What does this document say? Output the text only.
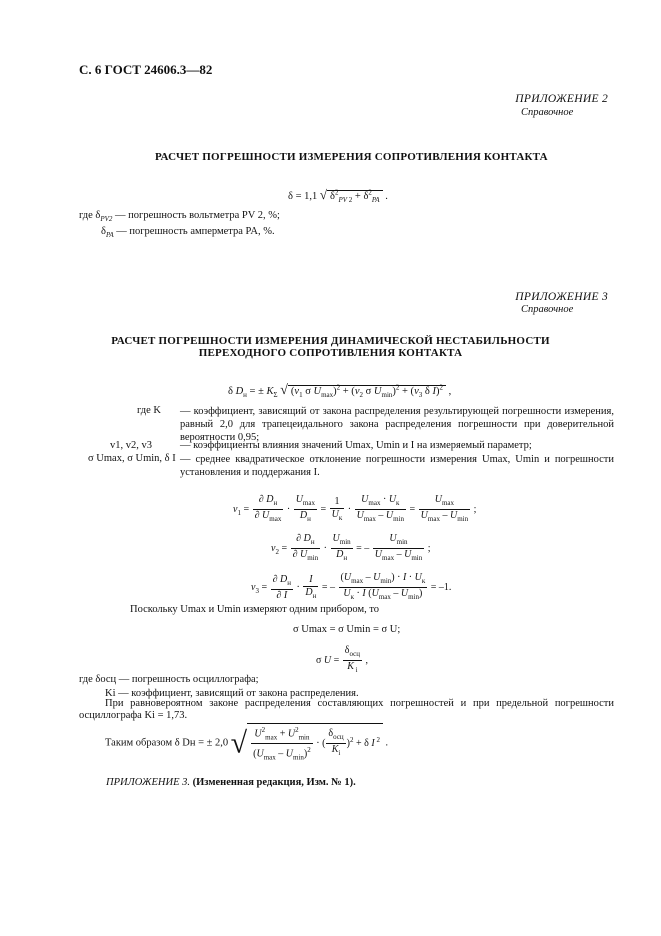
С. 6 ГОСТ 24606.3—82
ПРИЛОЖЕНИЕ 2
Справочное
РАСЧЕТ ПОГРЕШНОСТИ ИЗМЕРЕНИЯ СОПРОТИВЛЕНИЯ КОНТАКТА
δ = 1,1 √ $\delta^2_{PV 2} + \delta^2_{PA}$ .
где $\delta_{PV2}$ — погрешность вольтметра PV 2, %;
$\delta_{PA}$ — погрешность амперметра PA, %.
ПРИЛОЖЕНИЕ 3
Справочное
РАСЧЕТ ПОГРЕШНОСТИ ИЗМЕРЕНИЯ ДИНАМИЧЕСКОЙ НЕСТАБИЛЬНОСТИ
ПЕРЕХОДНОГО СОПРОТИВЛЕНИЯ КОНТАКТА
δ $D_н$ = ± $K_\Sigma$ √ ($v_1$ σ $U_{max})^2 + (v_2$ σ $U_{min})^2 + (v_3$ δ I)$^2$ ,
где K — коэффициент, зависящий от закона распределения результирующей погрешности измерения, равный 2,0 для трапецеидального закона распределения погрешности при доверительной вероятности 0,95;
v1, v2, v3	— коэффициенты влияния значений Umax, Umin и I на измеряемый параметр;
σ Umax, σ Umin, δ I — среднее квадратическое отклонение погрешности измерения Umax, Umin и погрешности установления и поддержания I.
$v_1 = \frac{\partial D_н}{\partial U_{max}} \cdot \frac{U_{max}}{D_н} = \frac{1}{U_к} \cdot \frac{U_{max} \cdot U_к}{U_{max} - U_{min}} = \frac{U_{max}}{U_{max} - U_{min}}$ ;
$v_2 = \frac{\partial D_н}{\partial U_{min}} \cdot \frac{U_{min}}{D_н}$ = – $\frac{U_{min}}{U_{max} - U_{min}}$ ;
$v_3 = \frac{\partial D_н}{\partial I} \cdot \frac{I}{D_н}$ = – $\frac{(U_{max} - U_{min}) \cdot I \cdot U_к}{U_к \cdot I (U_{max} - U_{min})} = -1$.
Поскольку Umax и Umin измеряют одним прибором, то
σ Umax = σ Umin = σ U;
σ $U = \frac{\delta_{осц}}{K _i}$ ,
где δосц — погрешность осциллографа;
Ki — коэффициент, зависящий от закона распределения.
При равновероятном законе распределения составляющих погрешностей и при предельной погрешности осциллографа Ki = 1,73.
Таким образом δ Dн = ± 2,0 √ $\frac{U^2_{max} + U^2_{min}}{(U_{max} - U_{min})^2}$ · ( $\frac{\delta_{осц}}{K_i} )^2 + \delta$ I $^2$ .
ПРИЛОЖЕНИЕ 3. (Измененная редакция, Изм. № 1).
